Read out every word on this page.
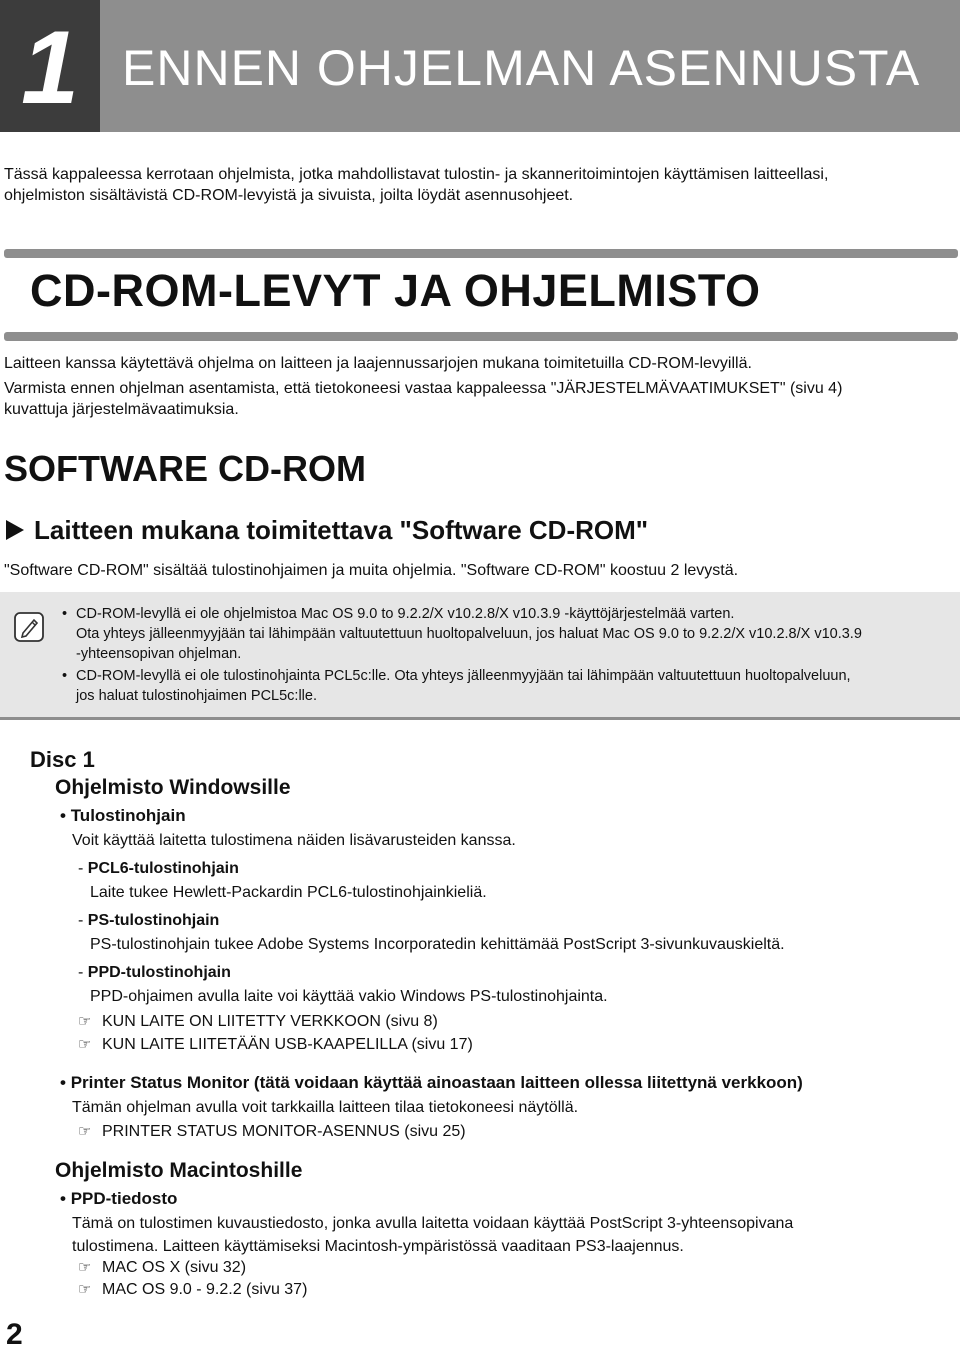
1 ENNEN OHJELMAN ASENNUSTA
Tässä kappaleessa kerrotaan ohjelmista, jotka mahdollistavat tulostin- ja skanneritoimintojen käyttämisen laitteellasi,
ohjelmiston sisältävistä CD-ROM-levyistä ja sivuista, joilta löydät asennusohjeet.
CD-ROM-LEVYT JA OHJELMISTO
Laitteen kanssa käytettävä ohjelma on laitteen ja laajennussarjojen mukana toimitetuilla CD-ROM-levyillä.
Varmista ennen ohjelman asentamista, että tietokoneesi vastaa kappaleessa "JÄRJESTELMÄVAATIMUKSET" (sivu 4)
kuvattuja järjestelmävaatimuksia.
SOFTWARE CD-ROM
Laitteen mukana toimitettava "Software CD-ROM"
"Software CD-ROM" sisältää tulostinohjaimen ja muita ohjelmia. "Software CD-ROM" koostuu 2 levystä.
• CD-ROM-levyllä ei ole ohjelmistoa Mac OS 9.0 to 9.2.2/X v10.2.8/X v10.3.9 -käyttöjärjestelmää varten.
Ota yhteys jälleenmyyjään tai lähimpään valtuutettuun huoltopalveluun, jos haluat Mac OS 9.0 to 9.2.2/X v10.2.8/X v10.3.9
-yhteensopivan ohjelman.
• CD-ROM-levyllä ei ole tulostinohjainta PCL5c:lle. Ota yhteys jälleenmyyjään tai lähimpään valtuutettuun huoltopalveluun,
jos haluat tulostinohjaimen PCL5c:lle.
Disc 1
Ohjelmisto Windowsille
• Tulostinohjain
Voit käyttää laitetta tulostimena näiden lisävarusteiden kanssa.
- PCL6-tulostinohjain
Laite tukee Hewlett-Packardin PCL6-tulostinohjainkieliä.
- PS-tulostinohjain
PS-tulostinohjain tukee Adobe Systems Incorporatedin kehittämää PostScript 3-sivunkuvauskieltä.
- PPD-tulostinohjain
PPD-ohjaimen avulla laite voi käyttää vakio Windows PS-tulostinohjainta.
☞ KUN LAITE ON LIITETTY VERKKOON (sivu 8)
☞ KUN LAITE LIITETÄÄN USB-KAAPELILLA (sivu 17)
• Printer Status Monitor (tätä voidaan käyttää ainoastaan laitteen ollessa liitettynä verkkoon)
Tämän ohjelman avulla voit tarkkailla laitteen tilaa tietokoneesi näytöllä.
☞ PRINTER STATUS MONITOR-ASENNUS (sivu 25)
Ohjelmisto Macintoshille
• PPD-tiedosto
Tämä on tulostimen kuvaustiedosto, jonka avulla laitetta voidaan käyttää PostScript 3-yhteensopivana
tulostimena. Laitteen käyttämiseksi Macintosh-ympäristössä vaaditaan PS3-laajennus.
☞ MAC OS X (sivu 32)
☞ MAC OS 9.0 - 9.2.2 (sivu 37)
2
